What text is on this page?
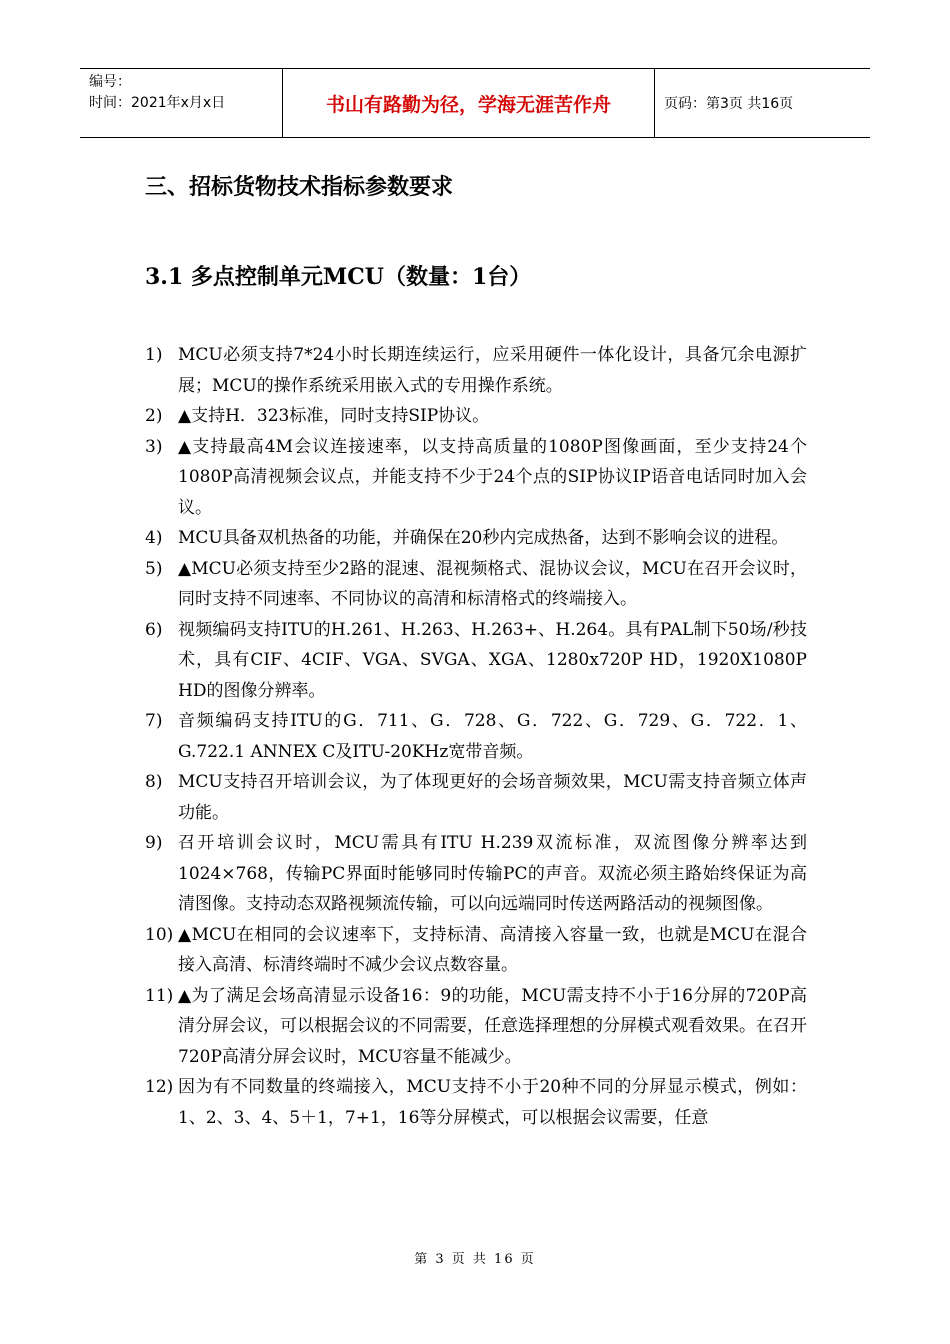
编号：
时间：2021年x月x日	书山有路勤为径，学海无涯苦作舟	页码：第3页 共16页
三、招标货物技术指标参数要求
3.1 多点控制单元MCU（数量：1台）
1) MCU必须支持7*24小时长期连续运行，应采用硬件一体化设计，具备冗余电源扩展；MCU的操作系统采用嵌入式的专用操作系统。
2) ▲支持H．323标准，同时支持SIP协议。
3) ▲支持最高4M会议连接速率，以支持高质量的1080P图像画面，至少支持24个1080P高清视频会议点，并能支持不少于24个点的SIP协议IP语音电话同时加入会议。
4) MCU具备双机热备的功能，并确保在20秒内完成热备，达到不影响会议的进程。
5) ▲MCU必须支持至少2路的混速、混视频格式、混协议会议，MCU在召开会议时，同时支持不同速率、不同协议的高清和标清格式的终端接入。
6) 视频编码支持ITU的H.261、H.263、H.263+、H.264。具有PAL制下50场/秒技术，具有CIF、4CIF、VGA、SVGA、XGA、1280x720P HD，1920X1080P HD的图像分辨率。
7) 音频编码支持ITU的G．711、G．728、G．722、G．729、G．722．1、G.722.1 ANNEX C及ITU-20KHz宽带音频。
8) MCU支持召开培训会议，为了体现更好的会场音频效果，MCU需支持音频立体声功能。
9) 召开培训会议时，MCU需具有ITU H.239双流标准，双流图像分辨率达到1024×768，传输PC界面时能够同时传输PC的声音。双流必须主路始终保证为高清图像。支持动态双路视频流传输，可以向远端同时传送两路活动的视频图像。
10) ▲MCU在相同的会议速率下，支持标清、高清接入容量一致，也就是MCU在混合接入高清、标清终端时不减少会议点数容量。
11) ▲为了满足会场高清显示设备16：9的功能，MCU需支持不小于16分屏的720P高清分屏会议，可以根据会议的不同需要，任意选择理想的分屏模式观看效果。在召开720P高清分屏会议时，MCU容量不能减少。
12) 因为有不同数量的终端接入，MCU支持不小于20种不同的分屏显示模式，例如：1、2、3、4、5＋1，7+1，16等分屏模式，可以根据会议需要，任意
第 3 页 共 16 页
